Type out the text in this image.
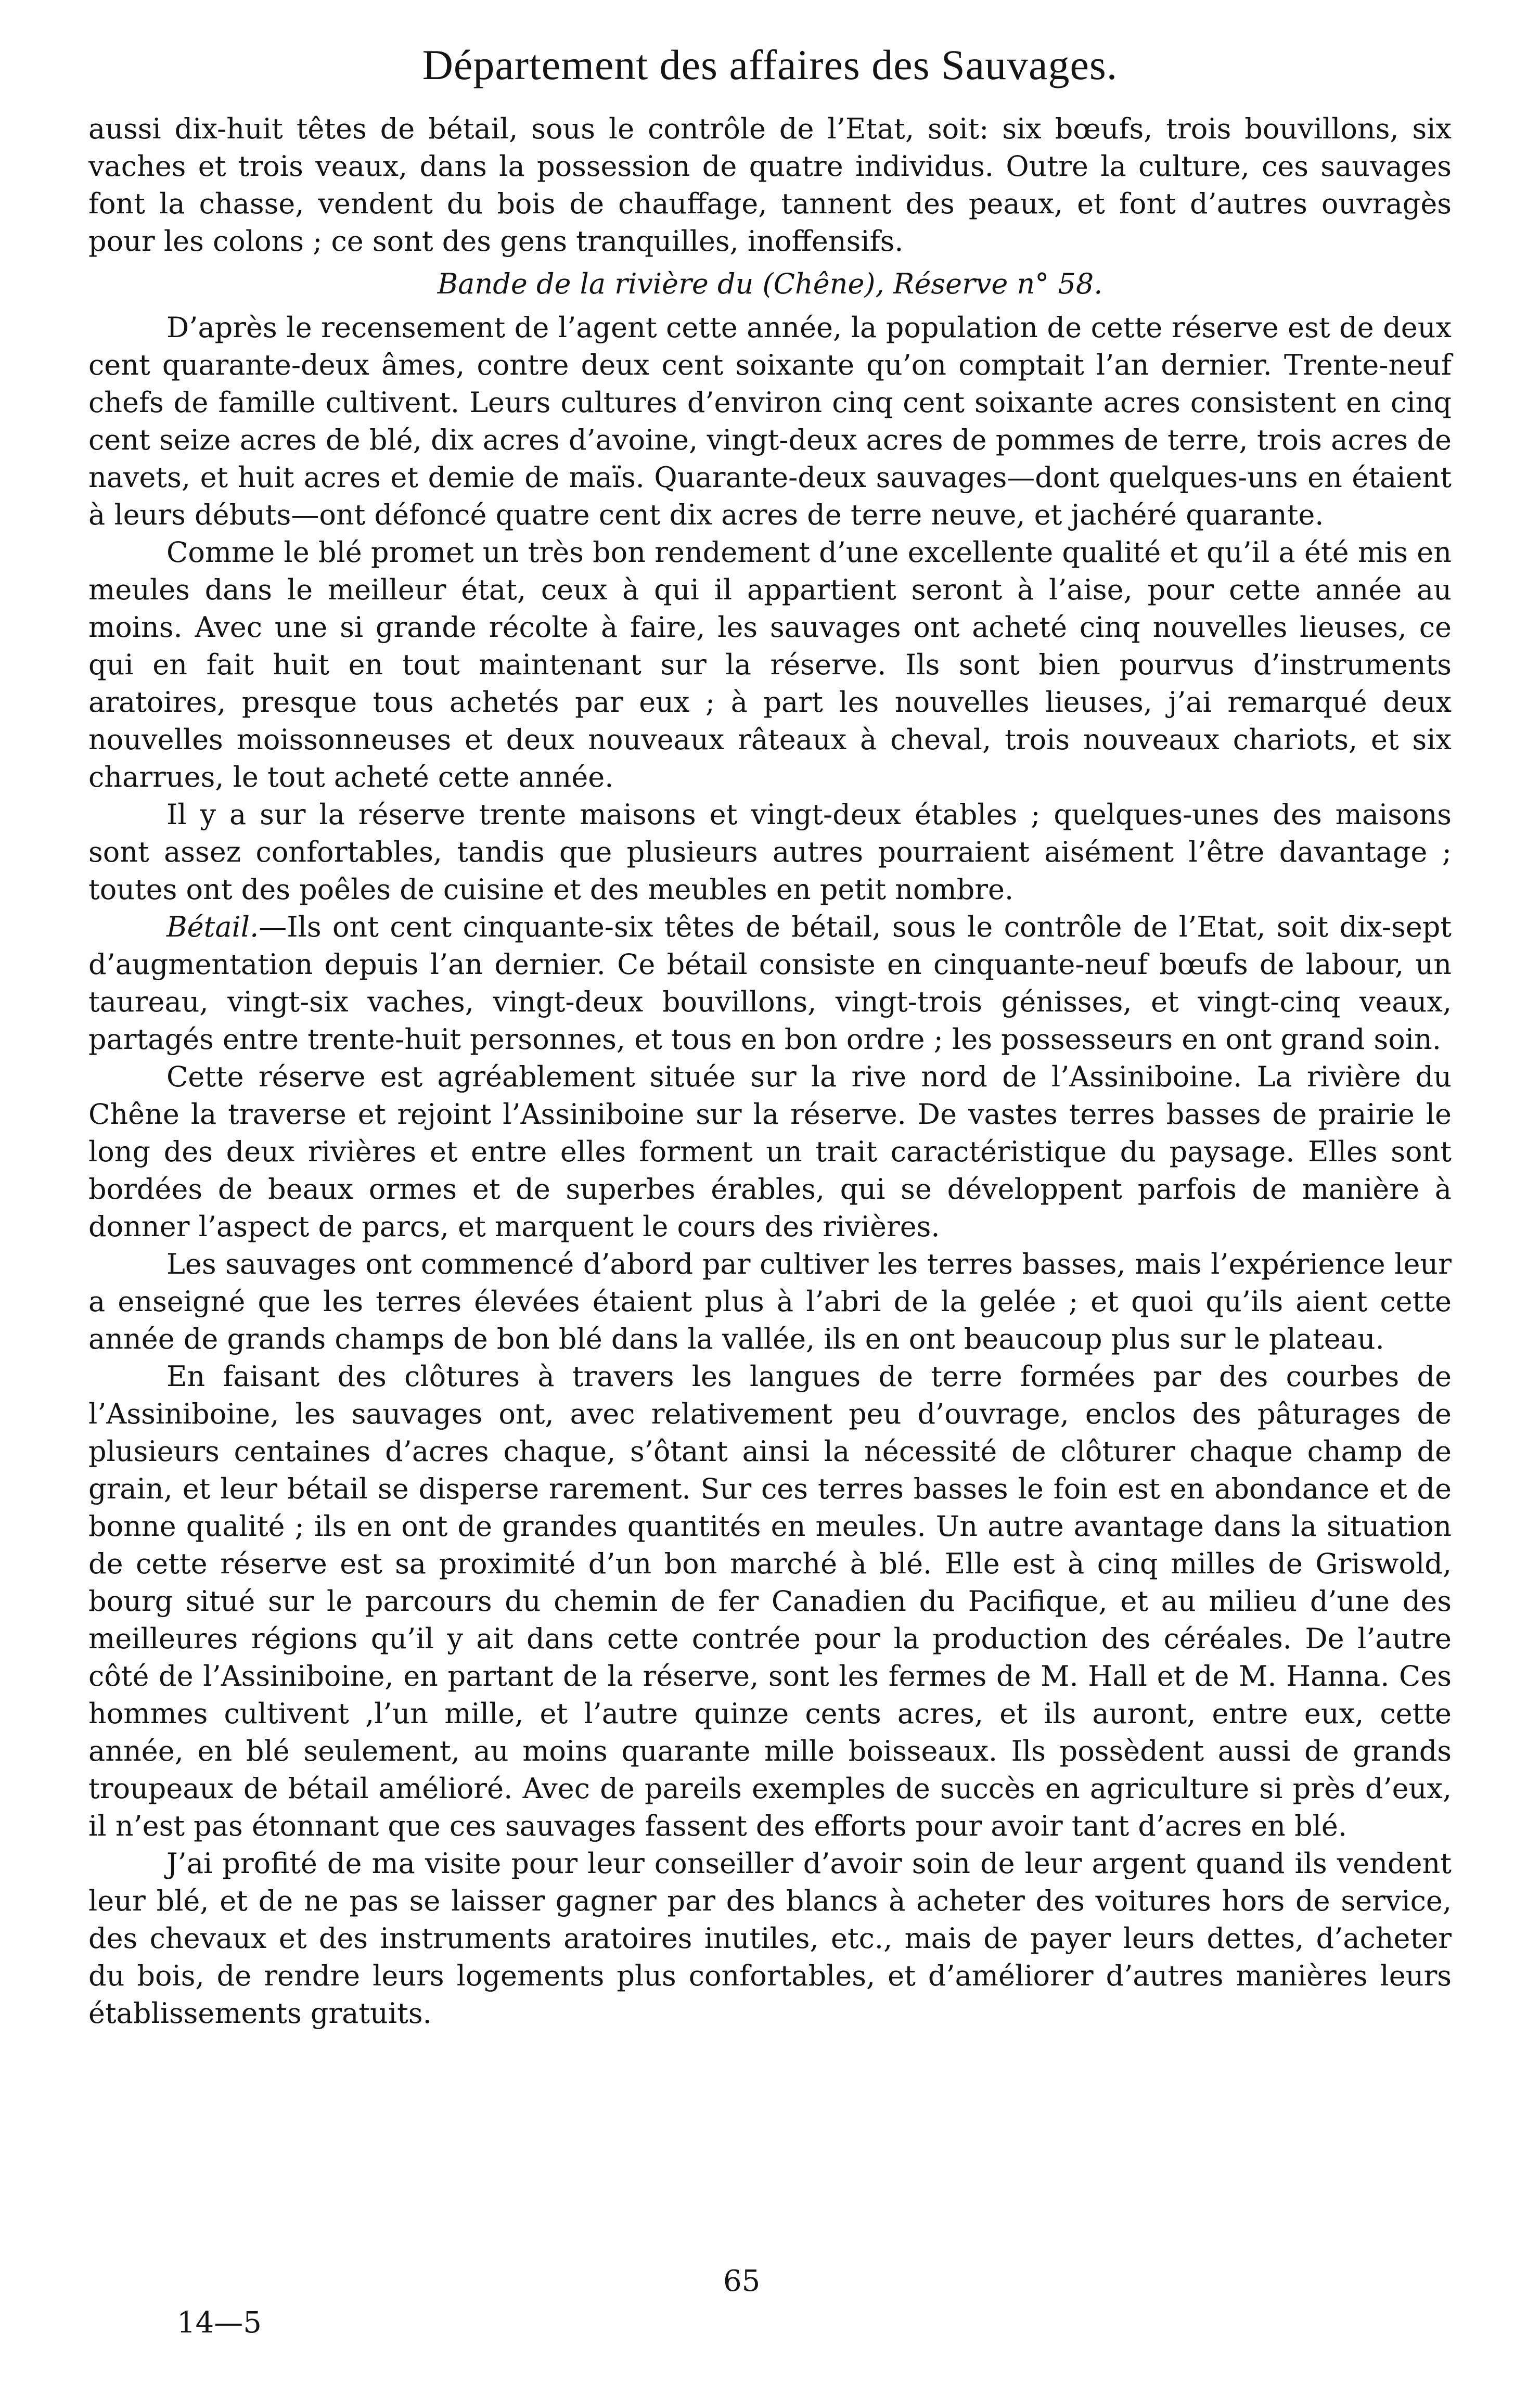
Département des affaires des Sauvages.

aussi dix-huit têtes de bétail, sous le contrôle de l’Etat, soit: six bœufs, trois bouvillons, six vaches et trois veaux, dans la possession de quatre individus. Outre la culture, ces sauvages font la chasse, vendent du bois de chauffage, tannent des peaux, et font d’autres ouvragès pour les colons ; ce sont des gens tranquilles, inoffensifs.

Bande de la rivière du (Chêne), Réserve n° 58.

D’après le recensement de l’agent cette année, la population de cette réserve est de deux cent quarante-deux âmes, contre deux cent soixante qu’on comptait l’an dernier. Trente-neuf chefs de famille cultivent. Leurs cultures d’environ cinq cent soixante acres consistent en cinq cent seize acres de blé, dix acres d’avoine, vingt-deux acres de pommes de terre, trois acres de navets, et huit acres et demie de maïs. Quarante-deux sauvages—dont quelques-uns en étaient à leurs débuts—ont défoncé quatre cent dix acres de terre neuve, et jachéré quarante.

Comme le blé promet un très bon rendement d’une excellente qualité et qu’il a été mis en meules dans le meilleur état, ceux à qui il appartient seront à l’aise, pour cette année au moins. Avec une si grande récolte à faire, les sauvages ont acheté cinq nouvelles lieuses, ce qui en fait huit en tout maintenant sur la réserve. Ils sont bien pourvus d’instruments aratoires, presque tous achetés par eux ; à part les nouvelles lieuses, j’ai remarqué deux nouvelles moissonneuses et deux nouveaux râteaux à cheval, trois nouveaux chariots, et six charrues, le tout acheté cette année.

Il y a sur la réserve trente maisons et vingt-deux étables ; quelques-unes des maisons sont assez confortables, tandis que plusieurs autres pourraient aisément l’être davantage ; toutes ont des poêles de cuisine et des meubles en petit nombre.

Bétail.—Ils ont cent cinquante-six têtes de bétail, sous le contrôle de l’Etat, soit dix-sept d’augmentation depuis l’an dernier. Ce bétail consiste en cinquante-neuf bœufs de labour, un taureau, vingt-six vaches, vingt-deux bouvillons, vingt-trois génisses, et vingt-cinq veaux, partagés entre trente-huit personnes, et tous en bon ordre ; les possesseurs en ont grand soin.

Cette réserve est agréablement située sur la rive nord de l’Assiniboine. La rivière du Chêne la traverse et rejoint l’Assiniboine sur la réserve. De vastes terres basses de prairie le long des deux rivières et entre elles forment un trait caractéristique du paysage. Elles sont bordées de beaux ormes et de superbes érables, qui se développent parfois de manière à donner l’aspect de parcs, et marquent le cours des rivières.

Les sauvages ont commencé d’abord par cultiver les terres basses, mais l’expérience leur a enseigné que les terres élevées étaient plus à l’abri de la gelée ; et quoi qu’ils aient cette année de grands champs de bon blé dans la vallée, ils en ont beaucoup plus sur le plateau.

En faisant des clôtures à travers les langues de terre formées par des courbes de l’Assiniboine, les sauvages ont, avec relativement peu d’ouvrage, enclos des pâturages de plusieurs centaines d’acres chaque, s’ôtant ainsi la nécessité de clôturer chaque champ de grain, et leur bétail se disperse rarement. Sur ces terres basses le foin est en abondance et de bonne qualité ; ils en ont de grandes quantités en meules. Un autre avantage dans la situation de cette réserve est sa proximité d’un bon marché à blé. Elle est à cinq milles de Griswold, bourg situé sur le parcours du chemin de fer Canadien du Pacifique, et au milieu d’une des meilleures régions qu’il y ait dans cette contrée pour la production des céréales. De l’autre côté de l’Assiniboine, en partant de la réserve, sont les fermes de M. Hall et de M. Hanna. Ces hommes cultivent ,l’un mille, et l’autre quinze cents acres, et ils auront, entre eux, cette année, en blé seulement, au moins quarante mille boisseaux. Ils possèdent aussi de grands troupeaux de bétail amélioré. Avec de pareils exemples de succès en agriculture si près d’eux, il n’est pas étonnant que ces sauvages fassent des efforts pour avoir tant d’acres en blé.

J’ai profité de ma visite pour leur conseiller d’avoir soin de leur argent quand ils vendent leur blé, et de ne pas se laisser gagner par des blancs à acheter des voitures hors de service, des chevaux et des instruments aratoires inutiles, etc., mais de payer leurs dettes, d’acheter du bois, de rendre leurs logements plus confortables, et d’améliorer d’autres manières leurs établissements gratuits.

65
14—5
